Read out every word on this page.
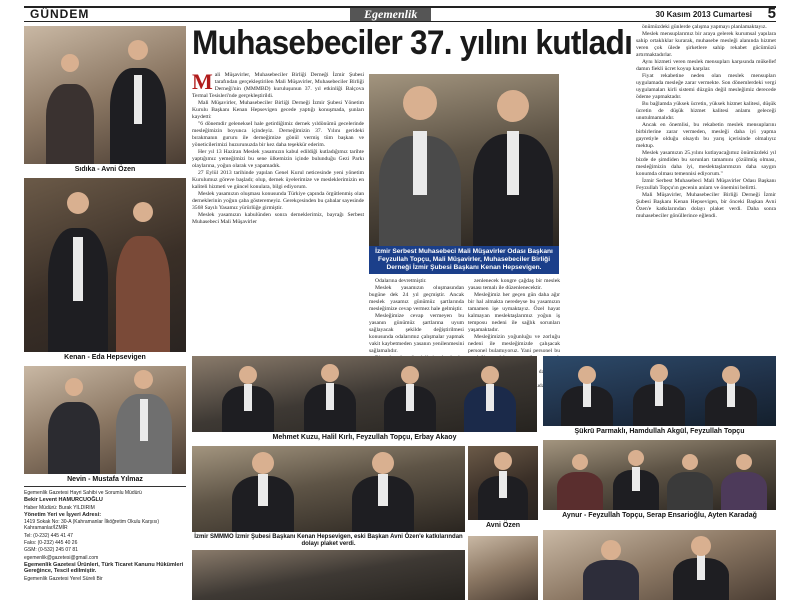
GÜNDEM	Egemenlik	30 Kasım 2013 Cumartesi 5
Sıdıka - Avni Özen
Kenan - Eda Hepsevigen
Nevin - Mustafa Yılmaz

Egemenlik Gazetesi Hayri Sahibi ve Sorumlu Müdürü

Bekir Levent HAMURCUOĞLU

Haber Müdürü: Burak YILDIRIM

Yönetim Yeri ve İşyeri Adresi:

1419 Sokak No: 30-A (Kahramanlar İlköğretim Okulu Karşısı) Kahramanlar/İZMİR

Tel: (0-232) 445 41 47

Faks: (0-232) 445 40 26

GSM: (0-532) 245 07 81

egemenlik@gazetesi@gmail.com

Egemenlik Gazetesi Ürünleri, Türk Ticaret Kanunu Hükümleri Gereğince, Tescil edilmiştir.

Egemenlik Gazetesi Yerel Süreli Bir

Muhasebeciler 37. yılını kutladı

Mali Müşavirler, Muhasebeciler Birliği Derneği İzmir Şubesi tarafından gerçekleştirilen Mali Müşavirler, Muhasebeciler Birliği Derneği'nin (MMMBD) kuruluşunun 37. yıl etkinliği Balçova Termal Tesisleri'nde gerçekleştirildi.

Mali Müşavirler, Muhasebeciler Birliği Derneği İzmir Şubesi Yönetim Kurulu Başkanı Kenan Hepsevigen gecede yaptığı konuşmada, şunları kaydetti:

"6 dönemdir gelenekseI hale getirdiğimiz dernek yıldönümü gecelerinde mesleğimizin boyunca içindeyiz. Derneğimizin 37. Yılını gerideki bırakmanın gururu ile derneğimize gönül vermiş tüm başkan ve yöneticilerimizi huzurunuzda bir kez daha teşekkür ederim.

Her yıl 13 Haziran Meslek yasamızın kabul edildiği kutladığımız tarihte yaptığımız yemeğimizi bu sene ülkemizin içinde bulunduğu Gezi Parkı olaylarına, yoğun olarak ve yapamadık.

27 Eylül 2013 tarihinde yapılan Genel Kurul neticesinde yeni yönetim Kurulumuz göreve başladı; olup, dernek üyelerimize ve mesleklerimizin en kaliteli hizmeti ve güncel konulara, bilgi ediyorum.

Meslek yasamızın oluşması konusunda Türkiye çapında örgütlenmiş olan derneklerinin yoğun çaba gösteremeyiz. Gerekçesinden bu çabalar sayesinde 3568 Sayılı Yasamız yürürlüğe girmiştir.

Meslek yasamızın kabulünden sonra derneklerimiz, bayrağı Serbest Muhasebeci Mali Müşavirler

İzmir Serbest Muhasebeci Mali Müşavirler Odası Başkanı Feyzullah Topçu, Mali Müşavirler, Muhasebeciler Birliği Derneği İzmir Şubesi Başkanı Kenan Hepsevigen.

Odalarına devretmiştir.

Meslek yasamızın oluşmasından bugüne dek 24 yıl geçmiştir. Ancak meslek yasamız günümüz şartlarında mesleğimize cevap vermez hale gelmiştir.

Mesleğimize cevap vermeyen bu yasanın günümüz şartlarına uyum sağlayacak şekilde değiştirilmesi konusunda odalarımız çalışmalar yapmak vakit kaybetmeden yasanın yenilenmesini sağlamalıdır.

zenlenecek kongre çağdaş bir meslek yasası temalı ile düzenlenecektir.

Mesleğimiz her geçen gün daha ağır bir hal almakta neredeyse bu yasamızın tamamen işe uymaktayız. Özel hayat kalmayan meslektaşlarımız yoğun iş temposu nedeni ile sağlık sorunları yaşamaktadır.

Mesleğimizin yoğunluğu ve zorluğu nedeni ile mesleğimizde çalışacak personel bulamıyoruz. Yani personel bu

önümüzdeki günlerde çalışma yapmayı planlamaktayız.

Meslek mensuplarımız bir araya gelerek kurumsal yapılara sahip ortaklıklar kurarak, muhasebe mesleği alanında hizmet veren çok ülede şirketlere sahip rekabet gücümüzü artırmaktadırlar.

Aynı hizmeti veren meslek mensupları karşısında mükellef damın fiekli ücret koyup karşılar.

Fiyat rekabetine neden olan meslek mensupları uygulamada mesleğe zarar vermekte. Son dönemlerdeki vergi uygulamaları kirli sistemi düzgün değil mesleğimiz derecede ödeme yapmaktadır.

Bu bağlamda yüksek ücretin, yüksek hizmet kalitesi, düşük ücretin de düşük hizmet kalitesi anlamı geleceği unutulmamalıdır.

Ancak en önemlisi, bu rekabetin meslek mensuplarını birbirlerine zarar vermeden, mesleği daha iyi yapma gayretiyle olduğu olsaydı bu yarış içerisinde olmalıyız mektup.

Meslek yasamızın 25.yılını kutlayacağımız önümüzdeki yıl bizde de şimdiden bu sorunları tamamını çözülmüş olması, mesleğimizin daha iyi, meslektaşlarımızın daha saygın konumda olması temennisi ediyorum."

İzmir Serbest Muhasebeci Mali Müşavirler Odası Başkanı Feyzullah Topçu'ın gecenin anlam ve önemini belirtti.

Mali Müşavirler, Muhasebeciler Birliği Derneği İzmir Şubesi Başkanı Kenan Hepsevigen, bir önceki Başkan Avni Özen'e katkılarından dolayı plaket verdi. Daha sonra muhasebeciler gönüllerince eğlendi.

Mehmet Kuzu, Halil Kırlı, Feyzullah Topçu, Erbay Akaoy
İzmir SMMMO İzmir Şubesi Başkanı Kenan Hepsevigen, eski Başkan Avni Özen'e katkılarından dolayı plaket verdi.
Avni Özen
Şükrü Parmaklı, Hamdullah Akgül, Feyzullah Topçu
Aynur - Feyzullah Topçu, Serap Ensarioğlu, Ayten Karadağ
